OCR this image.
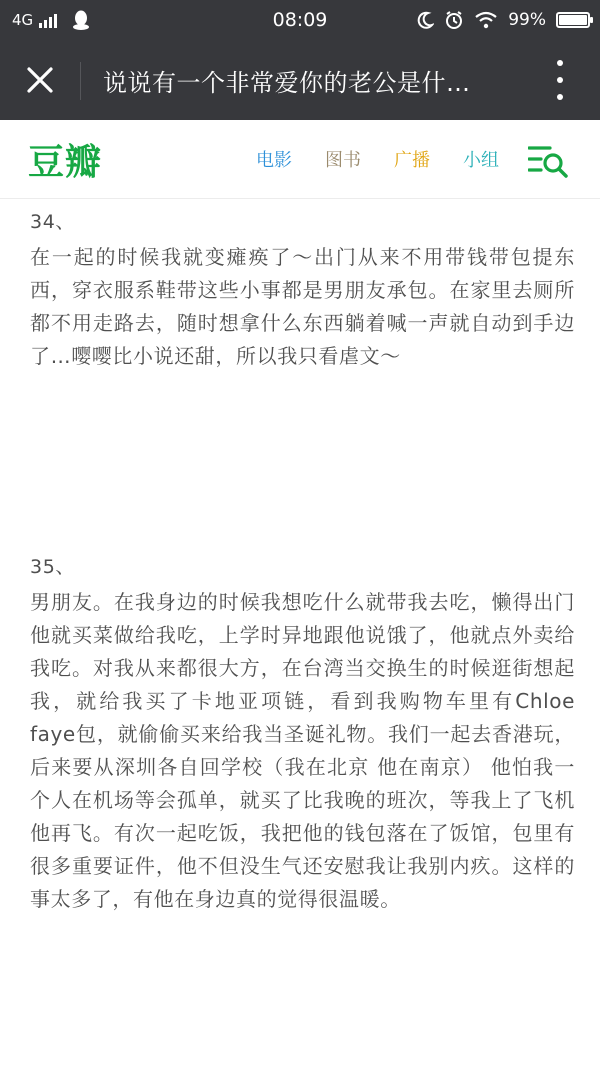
4G	08:09	99%
说说有一个非常爱你的老公是什…
豆瓣	电影 图书 广播 小组
34、

在一起的时候我就变瘫痪了～出门从来不用带钱带包提东西，穿衣服系鞋带这些小事都是男朋友承包。在家里去厕所都不用走路去，随时想拿什么东西躺着喊一声就自动到手边了…嘤嘤比小说还甜，所以我只看虐文～

35、

男朋友。在我身边的时候我想吃什么就带我去吃，懒得出门他就买菜做给我吃，上学时异地跟他说饿了，他就点外卖给我吃。对我从来都很大方，在台湾当交换生的时候逛街想起我，就给我买了卡地亚项链，看到我购物车里有Chloe faye包，就偷偷买来给我当圣诞礼物。我们一起去香港玩，后来要从深圳各自回学校（我在北京 他在南京） 他怕我一个人在机场等会孤单，就买了比我晚的班次，等我上了飞机他再飞。有次一起吃饭，我把他的钱包落在了饭馆，包里有很多重要证件，他不但没生气还安慰我让我别内疚。这样的事太多了，有他在身边真的觉得很温暖。
